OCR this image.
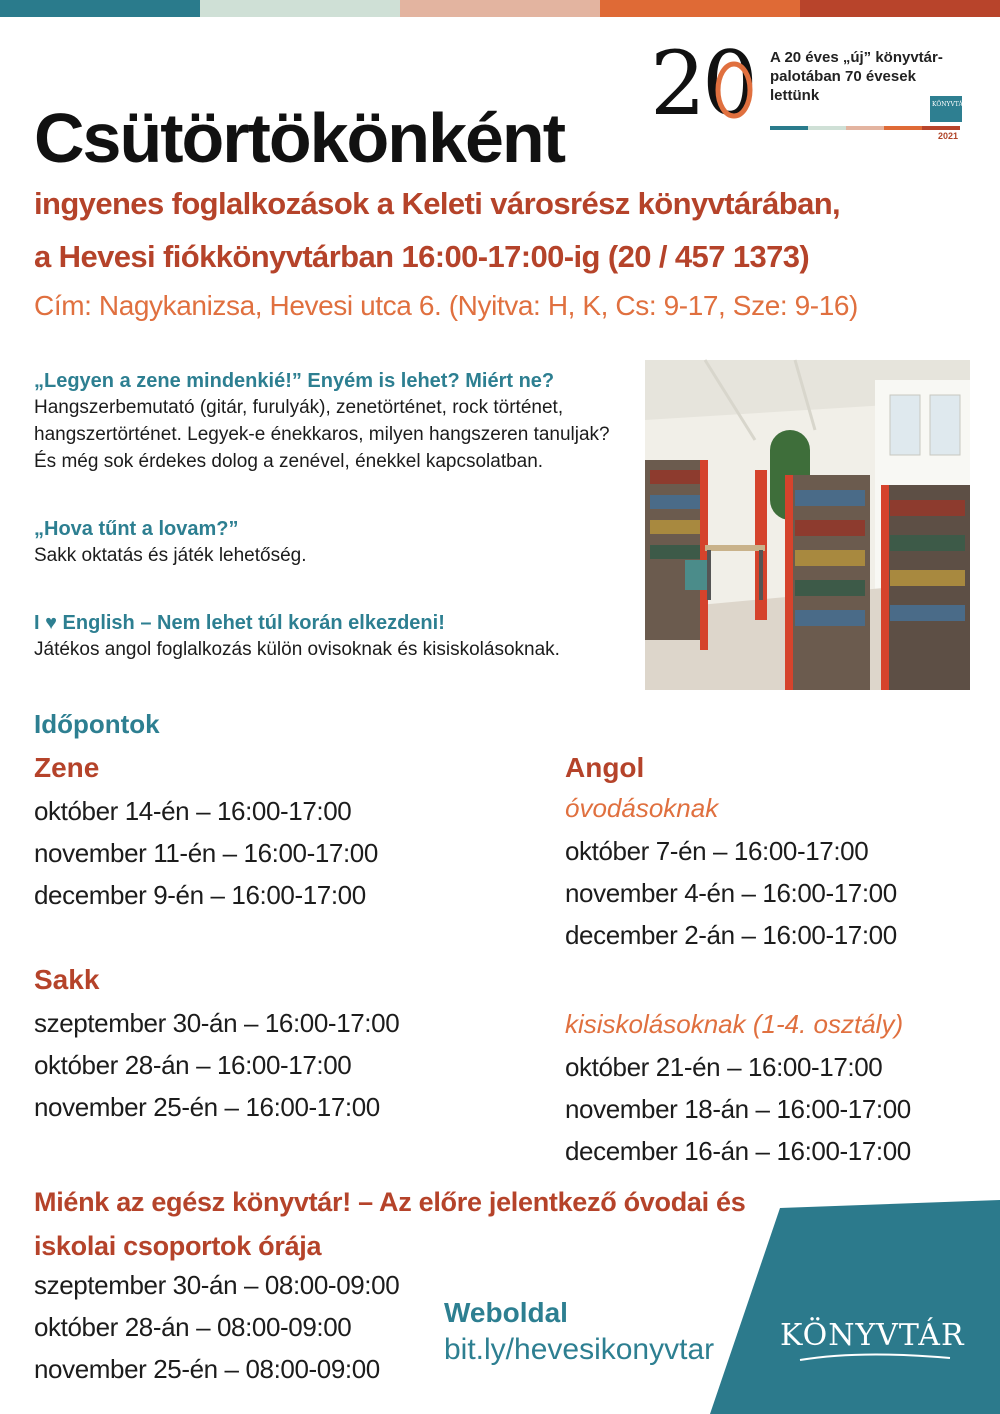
20 A 20 éves „új” könyvtár-palotában 70 évesek lettünk
KÖNYVTÁR
2021
Csütörtökönként

ingyenes foglalkozások a Keleti városrész könyvtárában,

a Hevesi fiókkönyvtárban 16:00-17:00-ig (20 / 457 1373)

Cím: Nagykanizsa, Hevesi utca 6. (Nyitva: H, K, Cs: 9-17, Sze: 9-16)

„Legyen a zene mindenkié!” Enyém is lehet? Miért ne?
Hangszerbemutató (gitár, furulyák), zenetörténet, rock történet,
hangszertörténet. Legyek-e énekkaros, milyen hangszeren tanuljak?
És még sok érdekes dolog a zenével, énekkel kapcsolatban.
„Hova tűnt a lovam?”
Sakk oktatás és játék lehetőség.
I ♥ English – Nem lehet túl korán elkezdeni!
Játékos angol foglalkozás külön ovisoknak és kisiskolásoknak.
Időpontok
Zene
október 14-én – 16:00-17:00
november 11-én – 16:00-17:00
december 9-én – 16:00-17:00
Sakk
szeptember 30-án – 16:00-17:00
október 28-án – 16:00-17:00
november 25-én – 16:00-17:00
Angol
óvodásoknak
október 7-én – 16:00-17:00
november 4-én – 16:00-17:00
december 2-án – 16:00-17:00
kisiskolásoknak (1-4. osztály)
október 21-én – 16:00-17:00
november 18-án – 16:00-17:00
december 16-án – 16:00-17:00
Miénk az egész könyvtár! – Az előre jelentkező óvodai és iskolai csoportok órája
szeptember 30-án – 08:00-09:00
október 28-án – 08:00-09:00
november 25-én – 08:00-09:00
Weboldal
bit.ly/hevesikonyvtar KÖNYVTÁR
